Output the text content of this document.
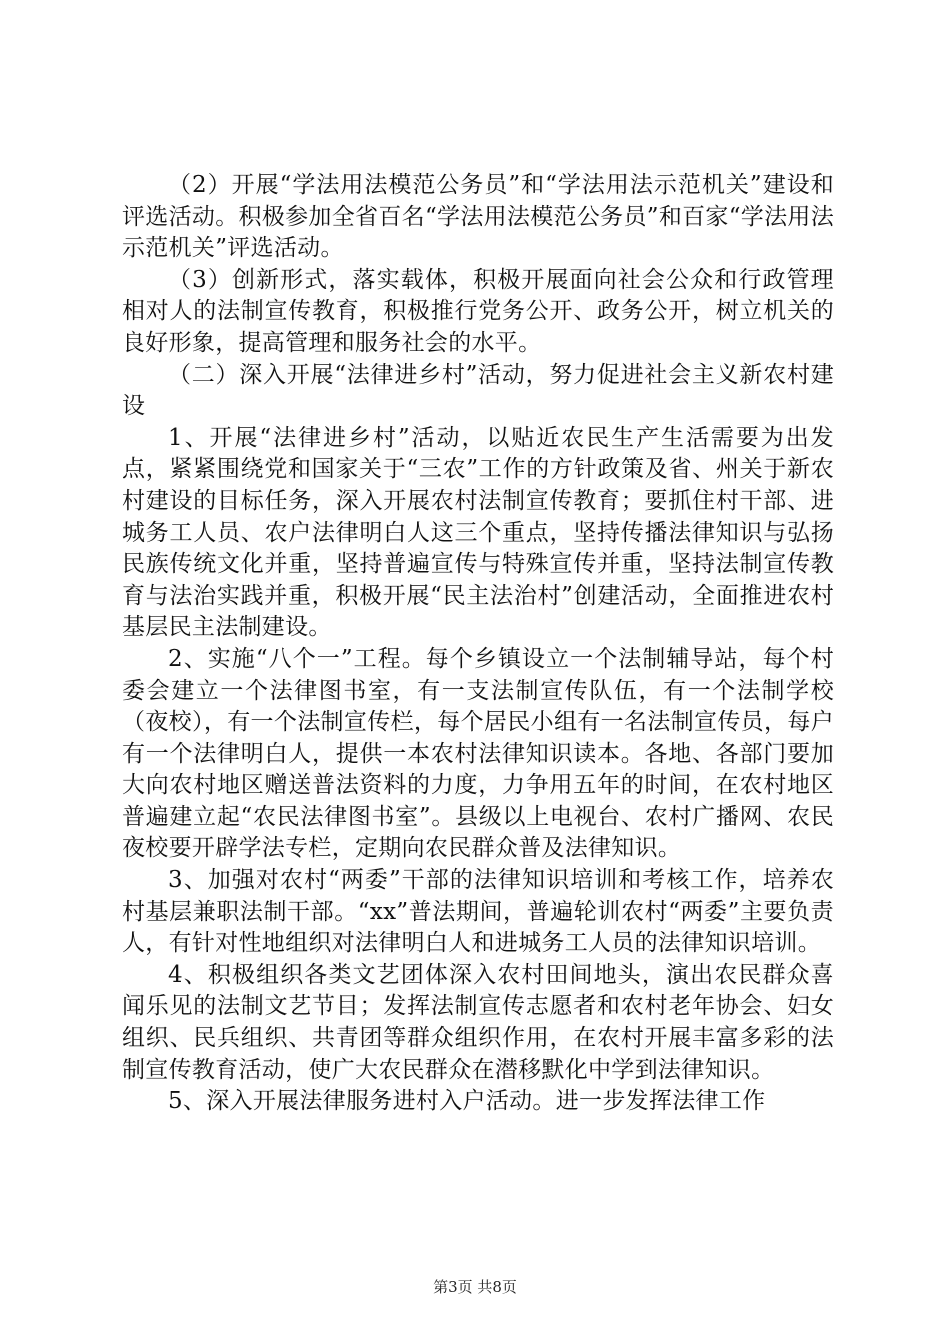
（2）开展“学法用法模范公务员”和“学法用法示范机关”建设和评选活动。积极参加全省百名“学法用法模范公务员”和百家“学法用法示范机关”评选活动。

（3）创新形式，落实载体，积极开展面向社会公众和行政管理相对人的法制宣传教育，积极推行党务公开、政务公开，树立机关的良好形象，提高管理和服务社会的水平。

（二）深入开展“法律进乡村”活动，努力促进社会主义新农村建设

1、开展“法律进乡村”活动，以贴近农民生产生活需要为出发点，紧紧围绕党和国家关于“三农”工作的方针政策及省、州关于新农村建设的目标任务，深入开展农村法制宣传教育；要抓住村干部、进城务工人员、农户法律明白人这三个重点，坚持传播法律知识与弘扬民族传统文化并重，坚持普遍宣传与特殊宣传并重，坚持法制宣传教育与法治实践并重，积极开展“民主法治村”创建活动，全面推进农村基层民主法制建设。

2、实施“八个一”工程。每个乡镇设立一个法制辅导站，每个村委会建立一个法律图书室，有一支法制宣传队伍，有一个法制学校（夜校），有一个法制宣传栏，每个居民小组有一名法制宣传员，每户有一个法律明白人，提供一本农村法律知识读本。各地、各部门要加大向农村地区赠送普法资料的力度，力争用五年的时间，在农村地区普遍建立起“农民法律图书室”。县级以上电视台、农村广播网、农民夜校要开辟学法专栏，定期向农民群众普及法律知识。

3、加强对农村“两委”干部的法律知识培训和考核工作，培养农村基层兼职法制干部。“xx”普法期间，普遍轮训农村“两委”主要负责人，有针对性地组织对法律明白人和进城务工人员的法律知识培训。

4、积极组织各类文艺团体深入农村田间地头，演出农民群众喜闻乐见的法制文艺节目；发挥法制宣传志愿者和农村老年协会、妇女组织、民兵组织、共青团等群众组织作用，在农村开展丰富多彩的法制宣传教育活动，使广大农民群众在潜移默化中学到法律知识。

5、深入开展法律服务进村入户活动。进一步发挥法律工作

第3页 共8页
